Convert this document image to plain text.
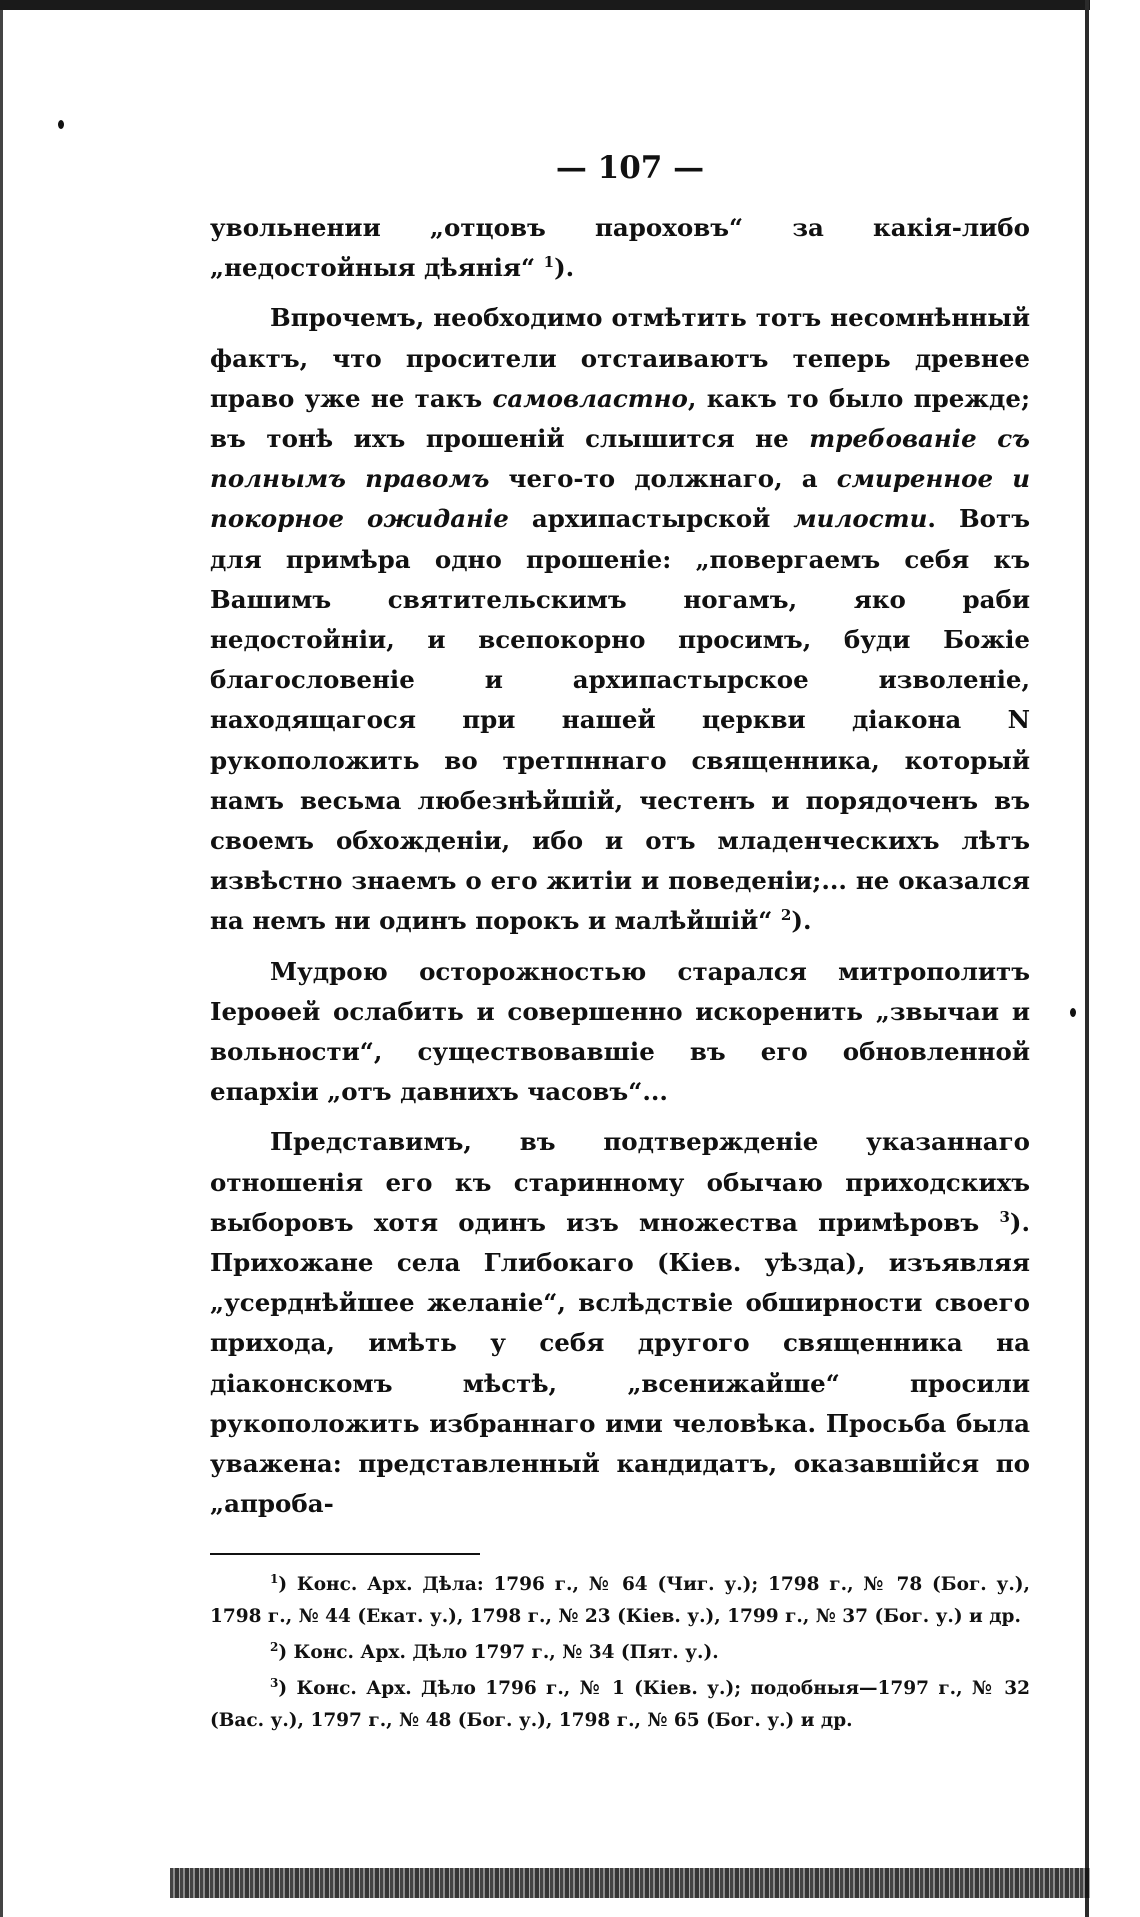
— 107 —

увольнении „отцовъ пароховъ“ за какія-либо „недостойныя дѣянія“ $^1$).

Впрочемъ, необходимо отмѣтить тотъ несомнѣнный фактъ, что просители отстаиваютъ теперь древнее право уже не такъ самовластно, какъ то было прежде; въ тонѣ ихъ прошеній слышится не требованіе съ полнымъ правомъ чего-то должнаго, а смиренное и покорное ожиданіе архипастырской милости. Вотъ для примѣра одно прошеніе: „повергаемъ себя къ Вашимъ святительскимъ ногамъ, яко раби недостойніи, и всепокорно просимъ, буди Божіе благословеніе и архипастырское изволеніе, находящагося при нашей церкви діакона N рукоположить во третпннаго священника, который намъ весьма любезнѣйшій, честенъ и порядоченъ въ своемъ обхожденіи, ибо и отъ младенческихъ лѣтъ извѣстно знаемъ о его житіи и поведеніи;... не оказался на немъ ни одинъ порокъ и малѣйшій“ $^2$).

Мудрою осторожностью старался митрополитъ Іероѳей ослабить и совершенно искоренить „звычаи и вольности“, существовавшіе въ его обновленной епархіи „отъ давнихъ часовъ“...

Представимъ, въ подтвержденіе указаннаго отношенія его къ старинному обычаю приходскихъ выборовъ хотя одинъ изъ множества примѣровъ $^3$). Прихожане села Глибокаго (Кіев. уѣзда), изъявляя „усерднѣйшее желаніе“, вслѣдствіе обширности своего прихода, имѣть у себя другого священника на діаконскомъ мѣстѣ, „всенижайше“ просили рукоположить избраннаго ими человѣка. Просьба была уважена: представленный кандидатъ, оказавшійся по „апроба-

$^1$) Конс. Арх. Дѣла: 1796 г., № 64 (Чиг. у.); 1798 г., № 78 (Бог. у.), 1798 г., № 44 (Екат. у.), 1798 г., № 23 (Кіев. у.), 1799 г., № 37 (Бог. у.) и др.

$^2$) Конс. Арх. Дѣло 1797 г., № 34 (Пят. у.).

$^3$) Конс. Арх. Дѣло 1796 г., № 1 (Кіев. у.); подобныя—1797 г., № 32 (Вас. у.), 1797 г., № 48 (Бог. у.), 1798 г., № 65 (Бог. у.) и др.
